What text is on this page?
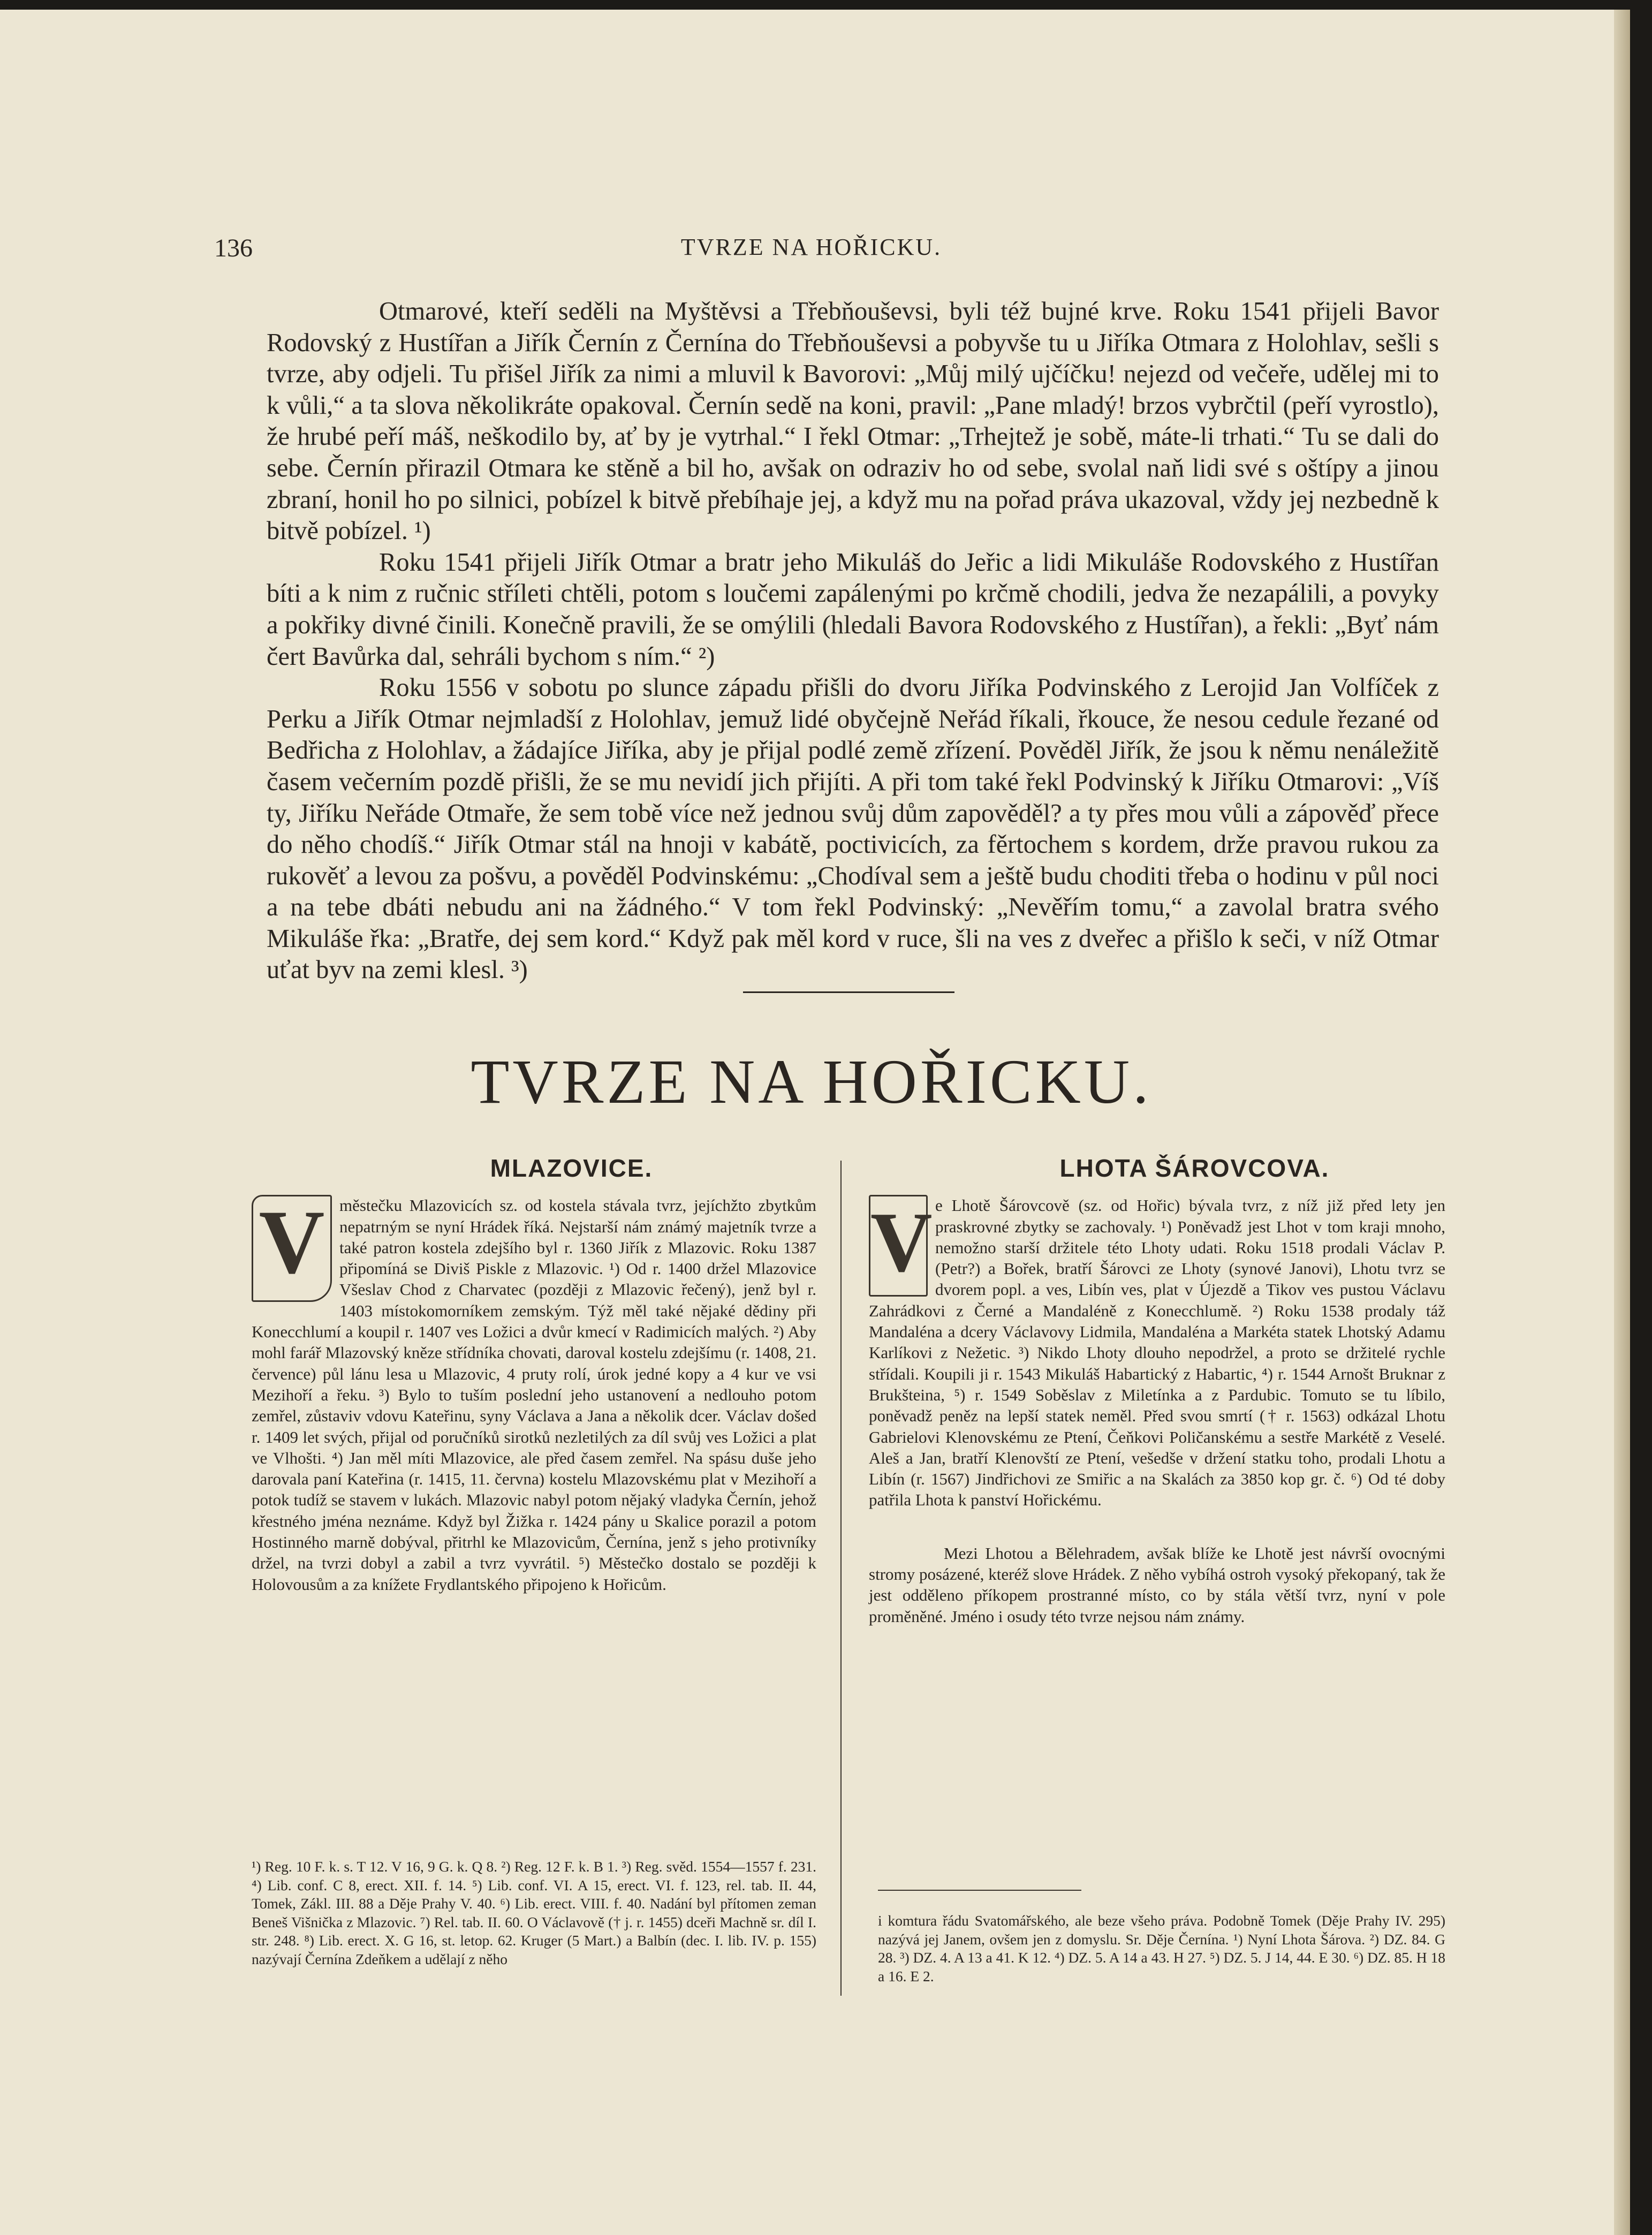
136	TVRZE NA HOŘICKU.

Otmarové, kteří seděli na Myštěvsi a Třebňouševsi, byli též bujné krve. Roku 1541 přijeli Bavor Rodovský z Hustířan a Jiřík Černín z Černína do Třebňouševsi a pobyvše tu u Jiříka Otmara z Holohlav, sešli s tvrze, aby odjeli. Tu přišel Jiřík za nimi a mluvil k Bavorovi: „Můj milý ujčíčku! nejezd od večeře, udělej mi to k vůli,“ a ta slova několikráte opakoval. Černín sedě na koni, pravil: „Pane mladý! brzos vybrčtil (peří vyrostlo), že hrubé peří máš, neškodilo by, ať by je vytrhal.“ I řekl Otmar: „Trhejtež je sobě, máte-li trhati.“ Tu se dali do sebe. Černín přirazil Otmara ke stěně a bil ho, avšak on odraziv ho od sebe, svolal naň lidi své s oštípy a jinou zbraní, honil ho po silnici, pobízel k bitvě přebíhaje jej, a když mu na pořad práva ukazoval, vždy jej nezbedně k bitvě pobízel. ¹)

Roku 1541 přijeli Jiřík Otmar a bratr jeho Mikuláš do Jeřic a lidi Mikuláše Rodovského z Hustířan bíti a k nim z ručnic stříleti chtěli, potom s loučemi zapálenými po krčmě chodili, jedva že nezapálili, a povyky a pokřiky divné činili. Konečně pravili, že se omýlili (hledali Bavora Rodovského z Hustířan), a řekli: „Byť nám čert Bavůrka dal, sehráli bychom s ním.“ ²)

Roku 1556 v sobotu po slunce západu přišli do dvoru Jiříka Podvinského z Lerojid Jan Volfíček z Perku a Jiřík Otmar nejmladší z Holohlav, jemuž lidé obyčejně Neřád říkali, řkouce, že nesou cedule řezané od Bedřicha z Holohlav, a žádajíce Jiříka, aby je přijal podlé země zřízení. Pověděl Jiřík, že jsou k němu nenáležitě časem večerním pozdě přišli, že se mu nevidí jich přijíti. A při tom také řekl Podvinský k Jiříku Otmarovi: „Víš ty, Jiříku Neřáde Otmaře, že sem tobě více než jednou svůj dům zapověděl? a ty přes mou vůli a zápověď přece do něho chodíš.“ Jiřík Otmar stál na hnoji v kabátě, poctivicích, za fěrtochem s kordem, drže pravou rukou za rukověť a levou za pošvu, a pověděl Podvinskému: „Chodíval sem a ještě budu choditi třeba o hodinu v půl noci a na tebe dbáti nebudu ani na žádného.“ V tom řekl Podvinský: „Nevěřím tomu,“ a zavolal bratra svého Mikuláše řka: „Bratře, dej sem kord.“ Když pak měl kord v ruce, šli na ves z dveřec a přišlo k seči, v níž Otmar uťat byv na zemi klesl. ³)

TVRZE NA HOŘICKU.
MLAZOVICE.
V městečku Mlazovicích sz. od kostela stávala tvrz, jejíchžto zbytkům nepatrným se nyní Hrádek říká. Nejstarší nám známý majetník tvrze a také patron kostela zdejšího byl r. 1360 Jiřík z Mlazovic. Roku 1387 připomíná se Diviš Piskle z Mlazovic. ¹) Od r. 1400 držel Mlazovice Všeslav Chod z Charvatec (později z Mlazovic řečený), jenž byl r. 1403 místokomorníkem zemským. Týž měl také nějaké dědiny při Konecchlumí a koupil r. 1407 ves Ložici a dvůr kmecí v Radimicích malých. ²) Aby mohl farář Mlazovský kněze střídníka chovati, daroval kostelu zdejšímu (r. 1408, 21. července) půl lánu lesa u Mlazovic, 4 pruty rolí, úrok jedné kopy a 4 kur ve vsi Mezihoří a řeku. ³) Bylo to tuším poslední jeho ustanovení a nedlouho potom zemřel, zůstaviv vdovu Kateřinu, syny Václava a Jana a několik dcer. Václav došed r. 1409 let svých, přijal od poručníků sirotků nezletilých za díl svůj ves Ložici a plat ve Vlhošti. ⁴) Jan měl míti Mlazovice, ale před časem zemřel. Na spásu duše jeho darovala paní Kateřina (r. 1415, 11. června) kostelu Mlazovskému plat v Mezihoří a potok tudíž se stavem v lukách. Mlazovic nabyl potom nějaký vladyka Černín, jehož křestného jména neznáme. Když byl Žižka r. 1424 pány u Skalice porazil a potom Hostinného marně dobýval, přitrhl ke Mlazovicům, Černína, jenž s jeho protivníky držel, na tvrzi dobyl a zabil a tvrz vyvrátil. ⁵) Městečko dostalo se později k Holovousům a za knížete Frydlantského připojeno k Hořicům.

¹) Reg. 10 F. k. s. T 12. V 16, 9 G. k. Q 8. ²) Reg. 12 F. k. B 1. ³) Reg. svěd. 1554—1557 f. 231. ⁴) Lib. conf. C 8, erect. XII. f. 14. ⁵) Lib. conf. VI. A 15, erect. VI. f. 123, rel. tab. II. 44, Tomek, Zákl. III. 88 a Děje Prahy V. 40. ⁶) Lib. erect. VIII. f. 40. Nadání byl přítomen zeman Beneš Višnička z Mlazovic. ⁷) Rel. tab. II. 60. O Václavově († j. r. 1455) dceři Machně sr. díl I. str. 248. ⁸) Lib. erect. X. G 16, st. letop. 62. Kruger (5 Mart.) a Balbín (dec. I. lib. IV. p. 155) nazývají Černína Zdeňkem a udělají z něho

LHOTA ŠÁROVCOVA.
V e Lhotě Šárovcově (sz. od Hořic) bývala tvrz, z níž již před lety jen praskrovné zbytky se zachovaly. ¹) Poněvadž jest Lhot v tom kraji mnoho, nemožno starší držitele této Lhoty udati. Roku 1518 prodali Václav P. (Petr?) a Bořek, bratří Šárovci ze Lhoty (synové Janovi), Lhotu tvrz se dvorem popl. a ves, Libín ves, plat v Újezdě a Tikov ves pustou Václavu Zahrádkovi z Černé a Mandaléně z Konecchlumě. ²) Roku 1538 prodaly táž Mandaléna a dcery Václavovy Lidmila, Mandaléna a Markéta statek Lhotský Adamu Karlíkovi z Nežetic. ³) Nikdo Lhoty dlouho nepodržel, a proto se držitelé rychle střídali. Koupili ji r. 1543 Mikuláš Habartický z Habartic, ⁴) r. 1544 Arnošt Bruknar z Brukšteina, ⁵) r. 1549 Soběslav z Miletínka a z Pardubic. Tomuto se tu líbilo, poněvadž peněz na lepší statek neměl. Před svou smrtí († r. 1563) odkázal Lhotu Gabrielovi Klenovskému ze Ptení, Čeňkovi Poličanskému a sestře Markétě z Veselé. Aleš a Jan, bratří Klenovští ze Ptení, vešedše v držení statku toho, prodali Lhotu a Libín (r. 1567) Jindřichovi ze Smiřic a na Skalách za 3850 kop gr. č. ⁶) Od té doby patřila Lhota k panství Hořickému.

Mezi Lhotou a Bělehradem, avšak blíže ke Lhotě jest návrší ovocnými stromy posázené, kteréž slove Hrádek. Z něho vybíhá ostroh vysoký překopaný, tak že jest odděleno příkopem prostranné místo, co by stála větší tvrz, nyní v pole proměněné. Jméno i osudy této tvrze nejsou nám známy.

i komtura řádu Svatomářského, ale beze všeho práva. Podobně Tomek (Děje Prahy IV. 295) nazývá jej Janem, ovšem jen z domyslu. Sr. Děje Černína. ¹) Nyní Lhota Šárova. ²) DZ. 84. G 28. ³) DZ. 4. A 13 a 41. K 12. ⁴) DZ. 5. A 14 a 43. H 27. ⁵) DZ. 5. J 14, 44. E 30. ⁶) DZ. 85. H 18 a 16. E 2.
